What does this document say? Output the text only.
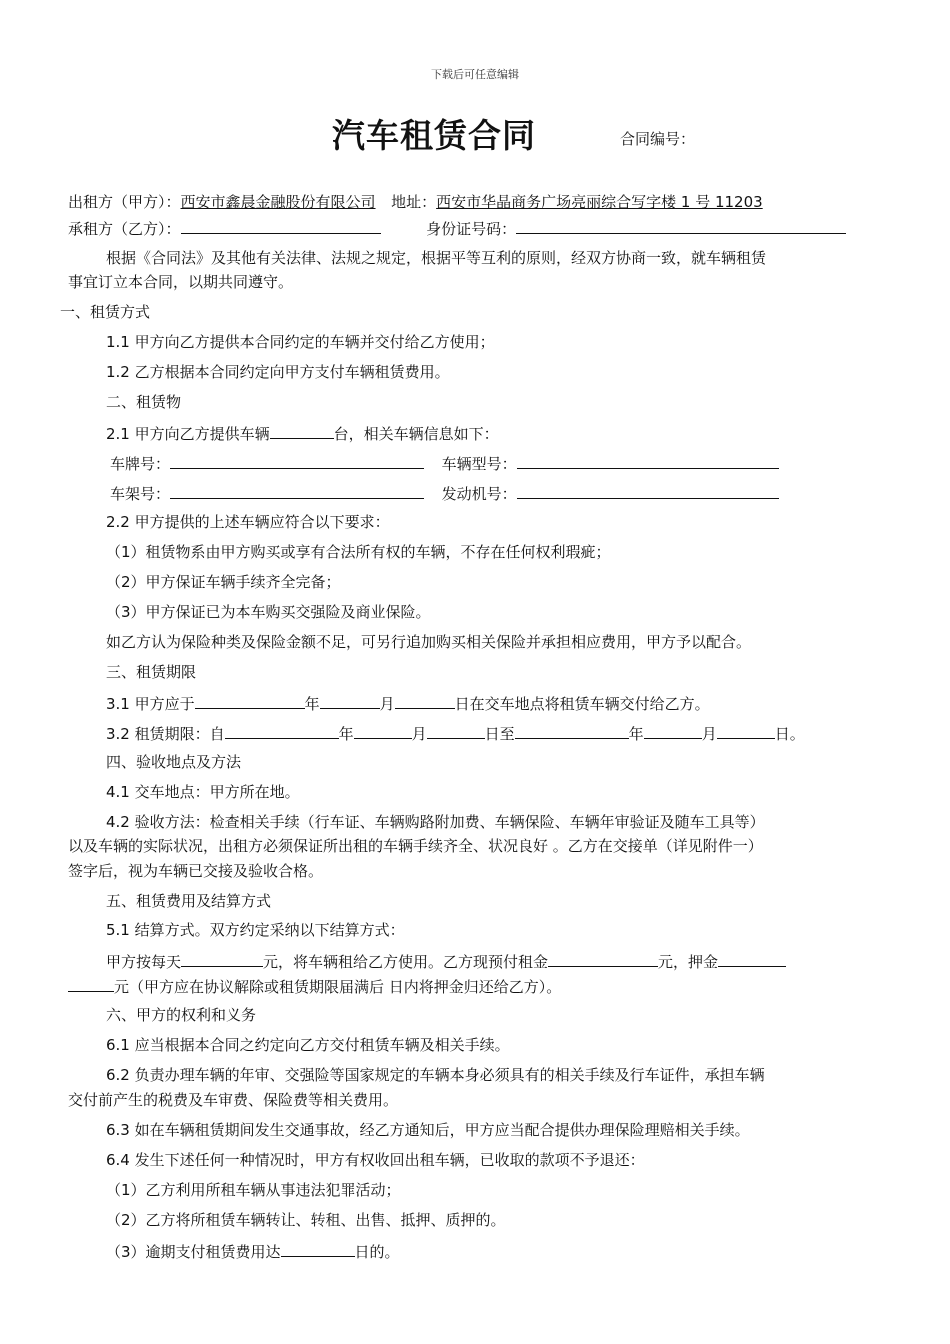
下载后可任意编辑
汽车租赁合同	合同编号：
出租方（甲方）：西安市鑫晨金融股份有限公司 地址：西安市华晶商务广场亮丽综合写字楼 1 号 11203
承租方（乙方）：	身份证号码：
根据《合同法》及其他有关法律、法规之规定，根据平等互利的原则，经双方协商一致，就车辆租赁
事宜订立本合同，以期共同遵守。
一、租赁方式
1.1 甲方向乙方提供本合同约定的车辆并交付给乙方使用；
1.2 乙方根据本合同约定向甲方支付车辆租赁费用。
二、租赁物
2.1 甲方向乙方提供车辆	台，相关车辆信息如下：
车牌号：	车辆型号：
车架号：	发动机号：
2.2 甲方提供的上述车辆应符合以下要求：
（1）租赁物系由甲方购买或享有合法所有权的车辆，不存在任何权利瑕疵；
（2）甲方保证车辆手续齐全完备；
（3）甲方保证已为本车购买交强险及商业保险。
如乙方认为保险种类及保险金额不足，可另行追加购买相关保险并承担相应费用，甲方予以配合。
三、租赁期限
3.1 甲方应于	年	月	日在交车地点将租赁车辆交付给乙方。
3.2 租赁期限：自	年	月	日至	年	月	日。
四、验收地点及方法
4.1 交车地点：甲方所在地。
4.2 验收方法：检查相关手续（行车证、车辆购路附加费、车辆保险、车辆年审验证及随车工具等）
以及车辆的实际状况，出租方必须保证所出租的车辆手续齐全、状况良好 。乙方在交接单（详见附件一）
签字后，视为车辆已交接及验收合格。
五、租赁费用及结算方式
5.1 结算方式。双方约定采纳以下结算方式：
甲方按每天	元，将车辆租给乙方使用。乙方现预付租金	元，押金
元（甲方应在协议解除或租赁期限届满后 日内将押金归还给乙方）。
六、甲方的权利和义务
6.1 应当根据本合同之约定向乙方交付租赁车辆及相关手续。
6.2 负责办理车辆的年审、交强险等国家规定的车辆本身必须具有的相关手续及行车证件，承担车辆
交付前产生的税费及车审费、保险费等相关费用。
6.3 如在车辆租赁期间发生交通事故，经乙方通知后，甲方应当配合提供办理保险理赔相关手续。
6.4 发生下述任何一种情况时，甲方有权收回出租车辆，已收取的款项不予退还：
（1）乙方利用所租车辆从事违法犯罪活动；
（2）乙方将所租赁车辆转让、转租、出售、抵押、质押的。
（3）逾期支付租赁费用达	日的。
